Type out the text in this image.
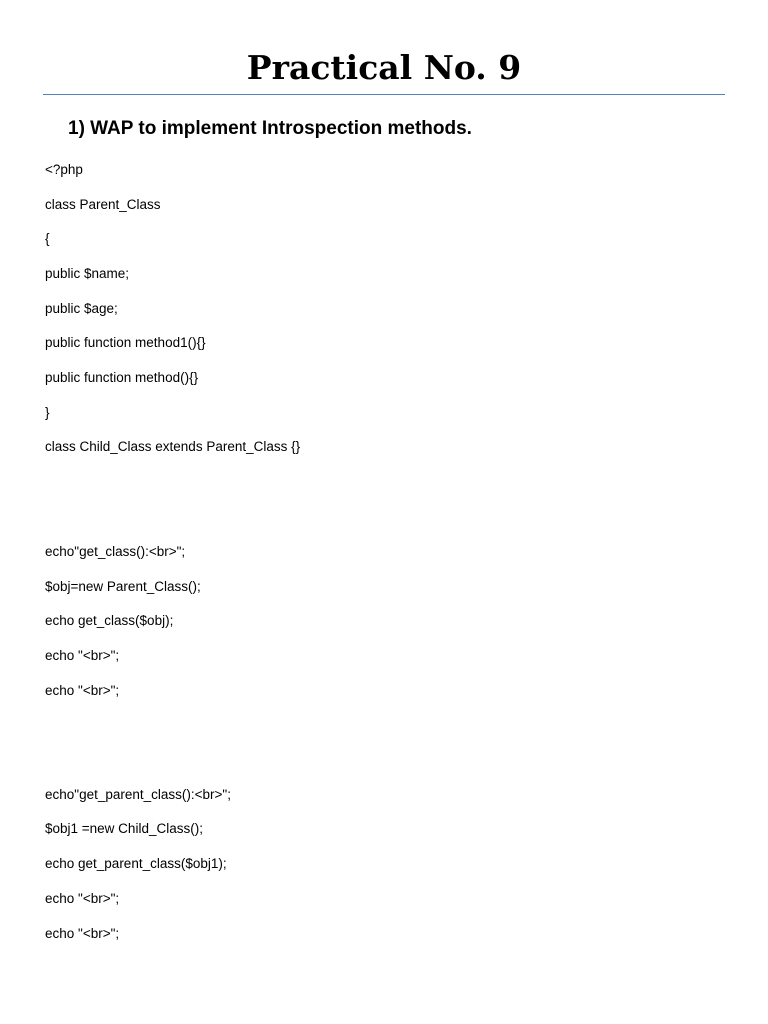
Practical No. 9
1) WAP to implement Introspection methods.

<?php

class Parent_Class

{

public $name;

public $age;

public function method1(){}

public function method(){}

}

class Child_Class extends Parent_Class {}

echo"get_class():<br>";

$obj=new Parent_Class();

echo get_class($obj);

echo "<br>";

echo "<br>";

echo"get_parent_class():<br>";

$obj1 =new Child_Class();

echo get_parent_class($obj1);

echo "<br>";

echo "<br>";
